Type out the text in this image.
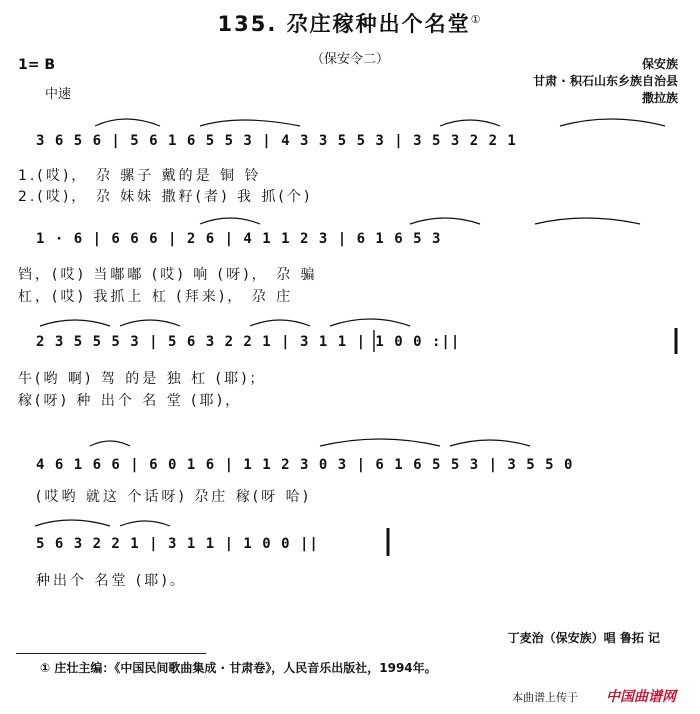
135. 尕庄稼种出个名堂①
（保安令二）
1= B
中速
保安族
甘肃 · 积石山东乡族自治县
撒拉族
3 6 5 6 | 5 6 1 6 5 5 3 | 4 3 3 5 5 3 | 3 5 3 2 2 1
1.(哎)， 尕 骡子 戴的是 铜 铃
2.(哎)， 尕 妹妹 撒籽(者) 我 抓(个)
1 · 6 | 6 6 6 | 2 6 | 4 1 1 2 3 | 6 1 6 5 3
铛，(哎) 当嘟嘟 (哎) 响 (呀)， 尕 骗
杠，(哎) 我抓上 杠 (拜来)， 尕 庄
2 3 5 5 5 3 | 5 6 3 2 2 1 | 3 1 1 | 1 0 0 :||
牛(哟 啊) 驾 的是 独 杠 (耶)；
稼(呀) 种 出个 名 堂 (耶)，
4 6 1 6 6 | 6 0 1 6 | 1 1 2 3 0 3 | 6 1 6 5 5 3 | 3 5 5 0
(哎哟 就这 个话呀) 尕庄 稼(呀 哈)
5 6 3 2 2 1 | 3 1 1 | 1 0 0 ||
种出个 名堂 (耶)。
丁麦治（保安族）唱 鲁拓 记
① 庄壮主编：《中国民间歌曲集成 · 甘肃卷》，人民音乐出版社，1994年。
本曲谱上传于 中国曲谱网
